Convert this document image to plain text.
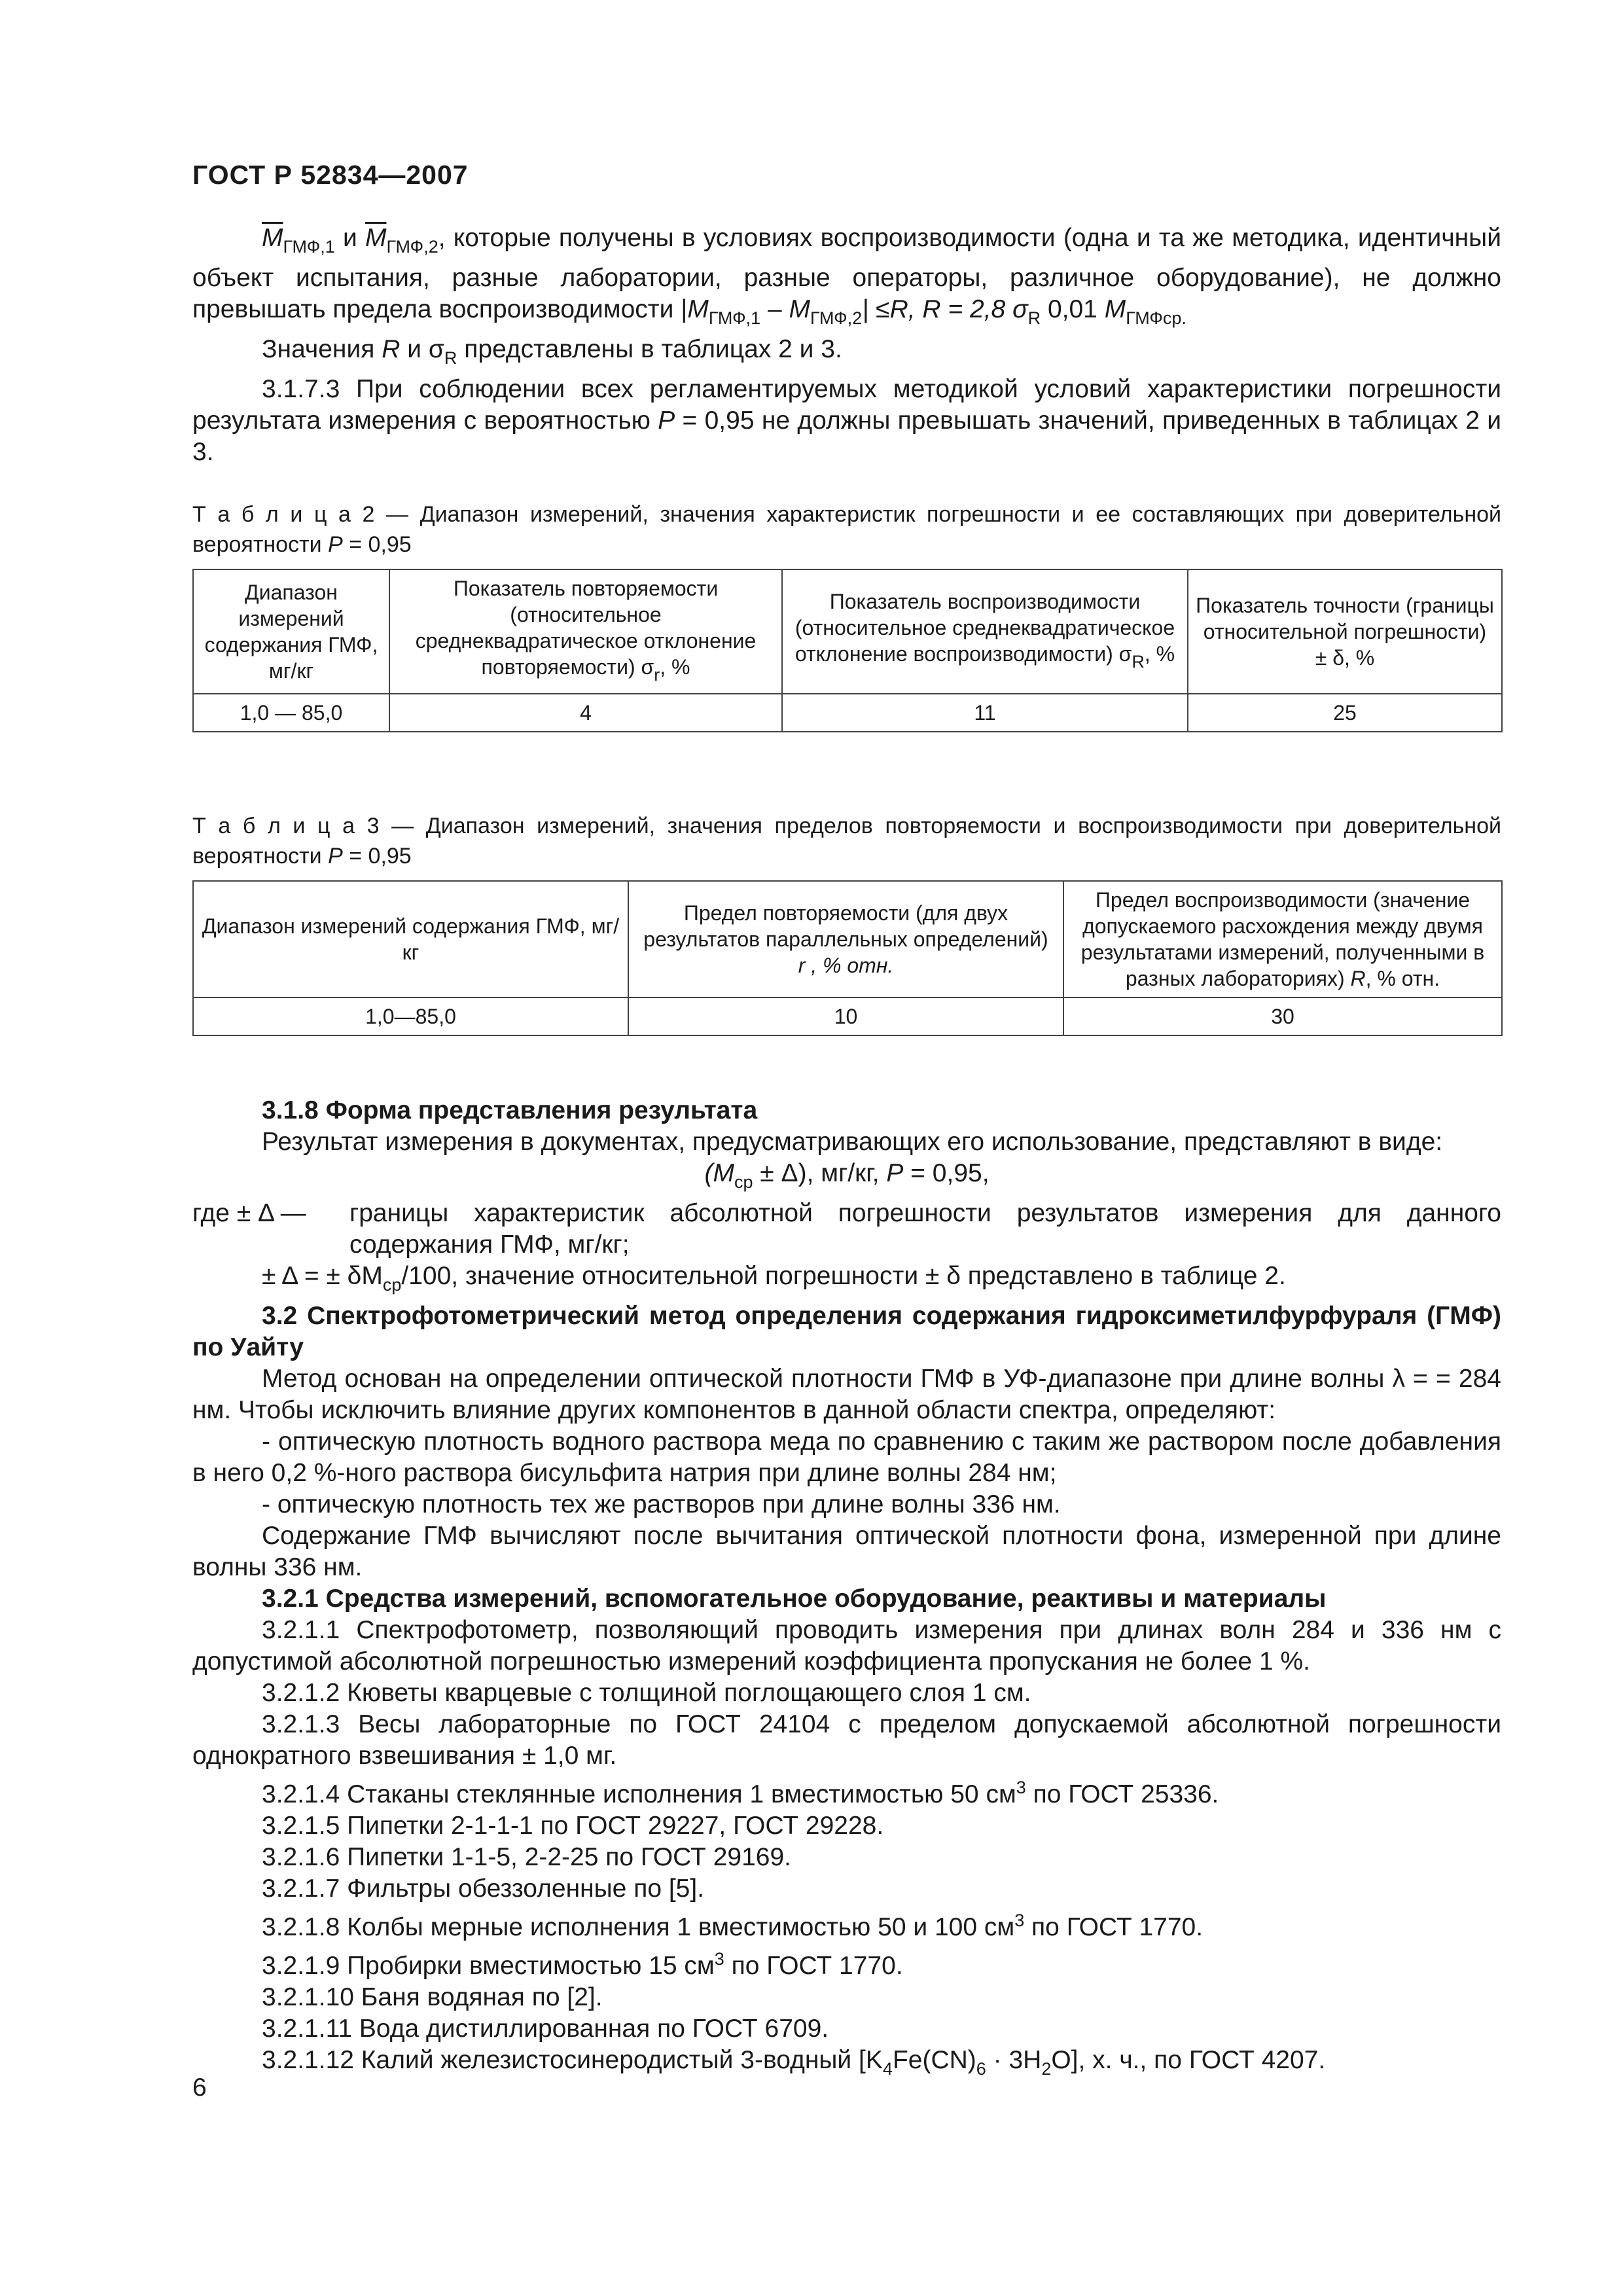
ГОСТ Р 52834—2007

$\overline{M}_{ГМФ,1}$ и $\overline{M}_{ГМФ,2}$, которые получены в условиях воспроизводимости (одна и та же методика, идентичный объект испытания, разные лаборатории, разные операторы, различное оборудование), не должно превышать предела воспроизводимости $|M_{ГМФ,1} - M_{ГМФ,2}| \le R$, R = 2,8 $\sigma_R$ 0,01 $M_{ГМФср.}$

Значения R и $\sigma_R$ представлены в таблицах 2 и 3.

3.1.7.3 При соблюдении всех регламентируемых методикой условий характеристики погрешности результата измерения с вероятностью P = 0,95 не должны превышать значений, приведенных в таблицах 2 и 3.

Т а б л и ц а 2 — Диапазон измерений, значения характеристик погрешности и ее составляющих при доверительной вероятности P = 0,95

Диапазон измерений содержания ГМФ, мг/кг	Показатель повторяемости (относительное среднеквадратическое отклонение повторяемости) $\sigma_r$, %	Показатель воспроизводимости (относительное среднеквадратическое отклонение воспроизводимости) $\sigma_R$, %	Показатель точности (границы относительной погрешности) ± δ, %
1,0 — 85,0	4	11	25

Т а б л и ц а 3 — Диапазон измерений, значения пределов повторяемости и воспроизводимости при доверительной вероятности P = 0,95

Диапазон измерений содержания ГМФ, мг/кг	Предел повторяемости (для двух результатов параллельных определений)
r , % отн.	Предел воспроизводимости (значение допускаемого расхождения между двумя результатами измерений, полученными в разных лабораториях) R, % отн.
1,0—85,0	10	30

3.1.8 Форма представления результата

Результат измерения в документах, предусматривающих его использование, представляют в виде:

$(M_{ср} \pm \Delta)$, мг/кг, P = 0,95,

где ± Δ —	границы характеристик абсолютной погрешности результатов измерения для данного содержания ГМФ, мг/кг;

± Δ = ± $\delta M_{ср}/100$, значение относительной погрешности ± δ представлено в таблице 2.

3.2 Спектрофотометрический метод определения содержания гидроксиметилфурфураля (ГМФ) по Уайту

Метод основан на определении оптической плотности ГМФ в УФ-диапазоне при длине волны λ = = 284 нм. Чтобы исключить влияние других компонентов в данной области спектра, определяют:

- оптическую плотность водного раствора меда по сравнению с таким же раствором после добавления в него 0,2 %-ного раствора бисульфита натрия при длине волны 284 нм;

- оптическую плотность тех же растворов при длине волны 336 нм.

Содержание ГМФ вычисляют после вычитания оптической плотности фона, измеренной при длине волны 336 нм.

3.2.1 Средства измерений, вспомогательное оборудование, реактивы и материалы

3.2.1.1 Спектрофотометр, позволяющий проводить измерения при длинах волн 284 и 336 нм с допустимой абсолютной погрешностью измерений коэффициента пропускания не более 1 %.

3.2.1.2 Кюветы кварцевые с толщиной поглощающего слоя 1 см.

3.2.1.3 Весы лабораторные по ГОСТ 24104 с пределом допускаемой абсолютной погрешности однократного взвешивания ± 1,0 мг.

3.2.1.4 Стаканы стеклянные исполнения 1 вместимостью 50 $см^3$ по ГОСТ 25336.

3.2.1.5 Пипетки 2-1-1-1 по ГОСТ 29227, ГОСТ 29228.

3.2.1.6 Пипетки 1-1-5, 2-2-25 по ГОСТ 29169.

3.2.1.7 Фильтры обеззоленные по [5].

3.2.1.8 Колбы мерные исполнения 1 вместимостью 50 и 100 $см^3$ по ГОСТ 1770.

3.2.1.9 Пробирки вместимостью 15 $см^3$ по ГОСТ 1770.

3.2.1.10 Баня водяная по [2].

3.2.1.11 Вода дистиллированная по ГОСТ 6709.

3.2.1.12 Калий железистосинеродистый 3-водный $[K_4Fe(CN)_6 \cdot 3H_2O]$, х. ч., по ГОСТ 4207.

6
